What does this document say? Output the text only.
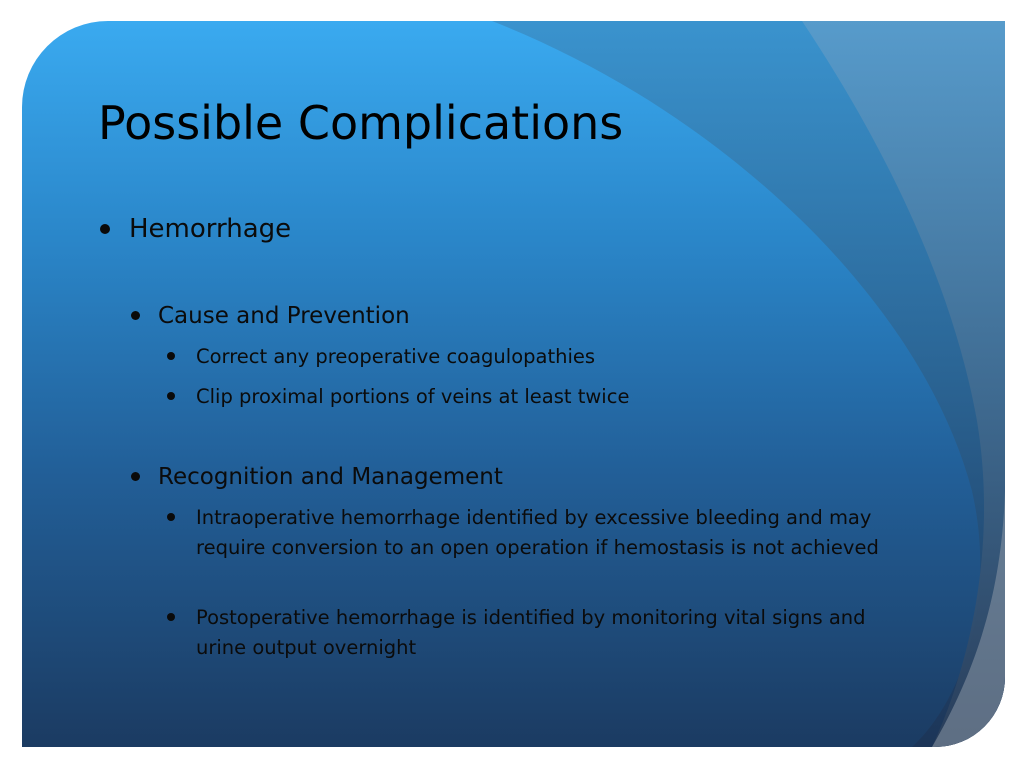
Possible Complications
Hemorrhage
Cause and Prevention
Correct any preoperative coagulopathies
Clip proximal portions of veins at least twice
Recognition and Management
Intraoperative hemorrhage identified by excessive bleeding and may require conversion to an open operation if hemostasis is not achieved
Postoperative hemorrhage is identified by monitoring vital signs and urine output overnight
